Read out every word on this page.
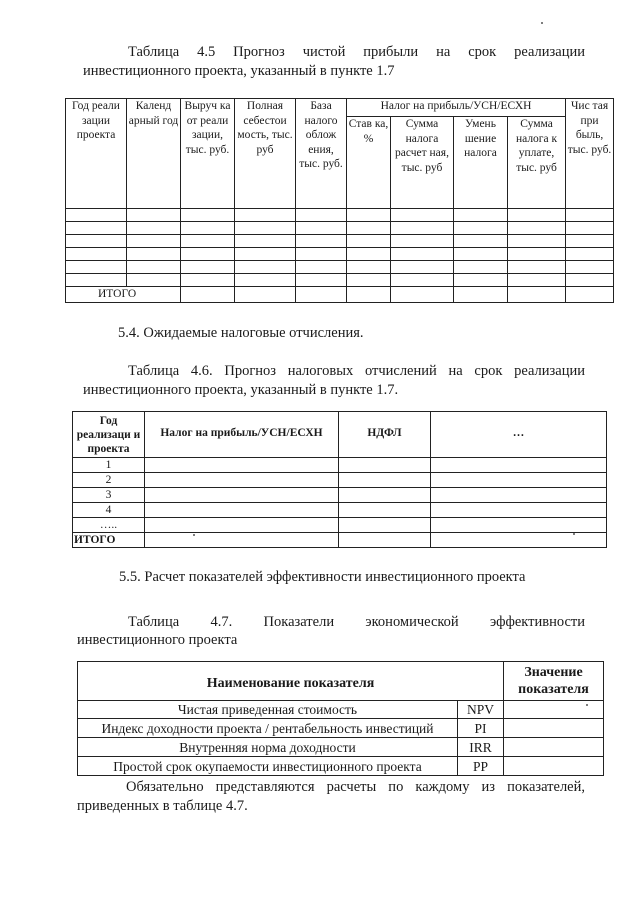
Таблица 4.5 Прогноз чистой прибыли на срок реализации
инвестиционного проекта, указанный в пункте 1.7
Год реали зации проекта	Календ арный год	Выруч ка от реали зации, тыс. руб.	Полная себестои мость, тыс. руб	База налого облож ения, тыс. руб.	Налог на прибыль/УСН/ЕСХН				Чис тая при быль, тыс. руб.
					Став ка, %	Сумма налога расчет ная, тыс. руб	Умень шение налога	Сумма налога к уплате, тыс. руб	

ИТОГО									
5.4. Ожидаемые налоговые отчисления.
Таблица 4.6. Прогноз налоговых отчислений на срок реализации
инвестиционного проекта, указанный в пункте 1.7.
Год реализаци и проекта	Налог на прибыль/УСН/ЕСХН	НДФЛ	…
1			
2			
3			
4			
…..			
ИТОГО			
5.5. Расчет показателей эффективности инвестиционного проекта
Таблица 4.7. Показатели экономической эффективности
инвестиционного проекта
Наименование показателя		Значение показателя
Чистая приведенная стоимость	NPV	
Индекс доходности проекта / рентабельность инвестиций	PI	
Внутренняя норма доходности	IRR	
Простой срок окупаемости инвестиционного проекта	PP	
Обязательно представляются расчеты по каждому из показателей,
приведенных в таблице 4.7.
